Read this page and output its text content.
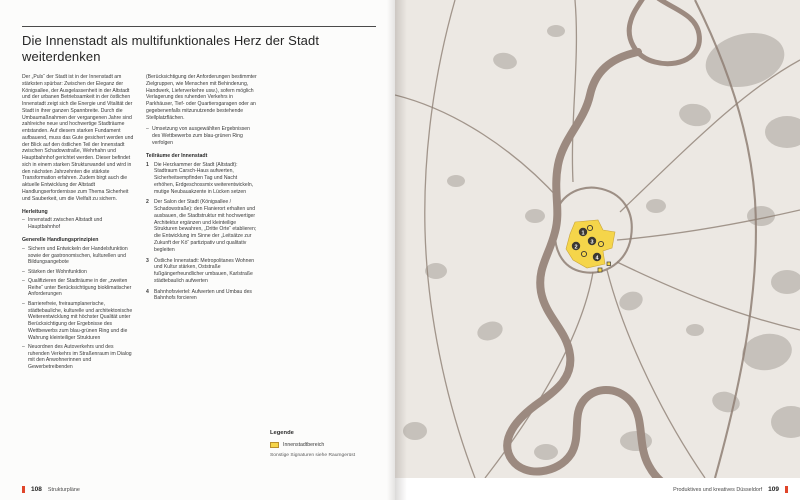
Die Innenstadt als multifunktionales Herz der Stadt
weiterdenken

Der „Puls“ der Stadt ist in der Innenstadt am stärksten spürbar: Zwischen der Eleganz der Königsallee, der Ausgelassenheit in der Altstadt und der urbanen Betriebsamkeit in der östlichen Innenstadt zeigt sich die Energie und Vitalität der Stadt in ihrer ganzen Spannbreite. Durch die Umbaumaßnahmen der vergangenen Jahre sind zahlreiche neue und hochwertige Stadträume entstanden. Auf diesem starken Fundament aufbauend, muss das Gute gesichert werden und der Blick auf den östlichen Teil der Innenstadt zwischen Schadowstraße, Wehrhahn und Hauptbahnhof gerichtet werden. Dieser befindet sich in einem starken Strukturwandel und wird in den nächsten Jahrzehnten die stärkste Transformation erfahren. Zudem birgt auch die aktuelle Entwicklung der Altstadt Handlungserfordernisse zum Thema Sicherheit und Sauberkeit, um die Vielfalt zu sichern.

Herleitung
– Innenstadt zwischen Altstadt und Hauptbahnhof
Generelle Handlungsprinzipien
– Sichern und Entwickeln der Handelsfunktion sowie der gastronomischen, kulturellen und Bildungsangebote
– Stärken der Wohnfunktion
– Qualifizieren der Stadträume in der „zweiten Reihe“ unter Berücksichtigung bioklimatischer Anforderungen
– Barrierefreie, freiraumplanerische, städtebauliche, kulturelle und architektonische Weiterentwicklung mit höchster Qualität unter Berücksichtigung der Ergebnisse des Wettbewerbs zum blau-grünen Ring und die Wahrung kleinteiliger Strukturen
– Neuordnen des Autoverkehrs und des ruhenden Verkehrs im Straßenraum im Dialog mit den Anwohnerinnen und Gewerbetreibenden

(Berücksichtigung der Anforderungen bestimmter Zielgruppen, wie Menschen mit Behinderung, Handwerk, Lieferverkehre usw.), sofern möglich Verlagerung des ruhenden Verkehrs in Parkhäuser, Tief- oder Quartiersgaragen oder an gegebenenfalls mitzunutzende bestehende Stellplatzflächen.

– Umsetzung von ausgewählten Ergebnissen des Wettbewerbs zum blau-grünen Ring verfolgen
Teilräume der Innenstadt
1	Die Herzkammer der Stadt (Altstadt): Stadtraum Carsch-Haus aufwerten, Sicherheitsempfinden Tag und Nacht erhöhen, Erdgeschossmix weiterentwickeln, mutige Neubauakzente in Lücken setzen
2	Der Salon der Stadt (Königsallee / Schadowstraße): den Flanierort erhalten und ausbauen, die Stadtstruktur mit hochwertiger Architektur ergänzen und kleinteilige Strukturen bewahren, „Dritte Orte“ etablieren; die Entwicklung im Sinne der „Leitsätze zur Zukunft der Kö“ partizipativ und qualitativ begleiten
3	Östliche Innenstadt: Metropolitanes Wohnen und Kultur stärken, Oststraße fußgängerfreundlicher umbauen, Karlstraße städtebaulich aufwerten
4	Bahnhofsviertel: Aufwerten und Umbau des Bahnhofs forcieren
Legende
Innenstadtbereich
Sonstige Signaturen siehe Raumgerüst
108 Strukturpläne
1
2
3
4
Produktives und kreatives Düsseldorf 109
